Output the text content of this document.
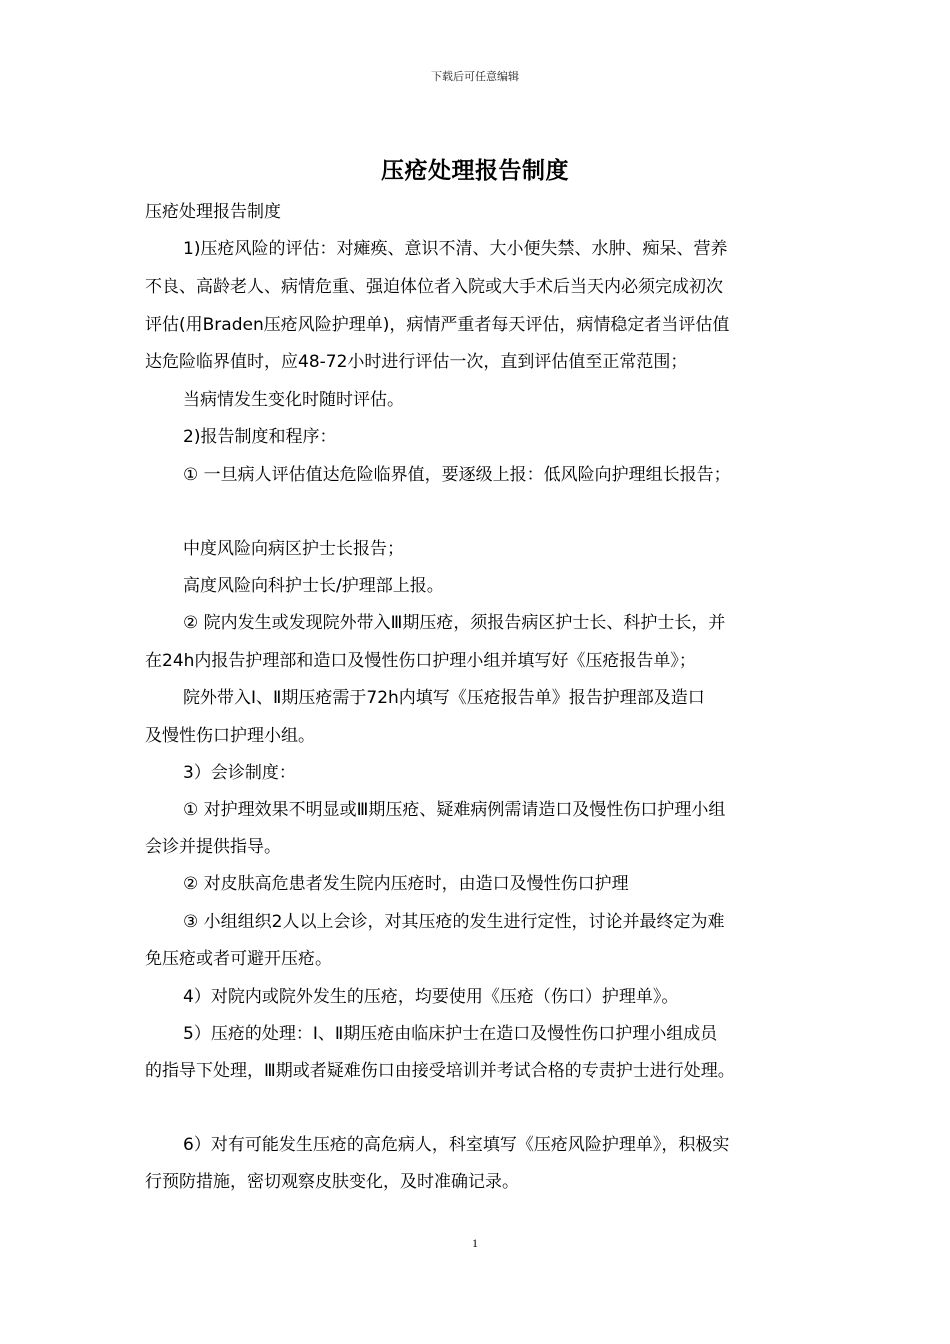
下载后可任意编辑
压疮处理报告制度
压疮处理报告制度
1)压疮风险的评估：对瘫痪、意识不清、大小便失禁、水肿、痴呆、营养
不良、高龄老人、病情危重、强迫体位者入院或大手术后当天内必须完成初次
评估(用Braden压疮风险护理单)，病情严重者每天评估，病情稳定者当评估值
达危险临界值时，应48-72小时进行评估一次，直到评估值至正常范围；
当病情发生变化时随时评估。
2)报告制度和程序：
① 一旦病人评估值达危险临界值，要逐级上报：低风险向护理组长报告；
中度风险向病区护士长报告；
高度风险向科护士长/护理部上报。
② 院内发生或发现院外带入Ⅲ期压疮，须报告病区护士长、科护士长，并
在24h内报告护理部和造口及慢性伤口护理小组并填写好《压疮报告单》；
院外带入Ⅰ、Ⅱ期压疮需于72h内填写《压疮报告单》报告护理部及造口
及慢性伤口护理小组。
3）会诊制度：
① 对护理效果不明显或Ⅲ期压疮、疑难病例需请造口及慢性伤口护理小组
会诊并提供指导。
② 对皮肤高危患者发生院内压疮时，由造口及慢性伤口护理
③ 小组组织2人以上会诊，对其压疮的发生进行定性，讨论并最终定为难
免压疮或者可避开压疮。
4）对院内或院外发生的压疮，均要使用《压疮（伤口）护理单》。
5）压疮的处理：Ⅰ、Ⅱ期压疮由临床护士在造口及慢性伤口护理小组成员
的指导下处理，Ⅲ期或者疑难伤口由接受培训并考试合格的专责护士进行处理。
6）对有可能发生压疮的高危病人，科室填写《压疮风险护理单》，积极实
行预防措施，密切观察皮肤变化，及时准确记录。
1
